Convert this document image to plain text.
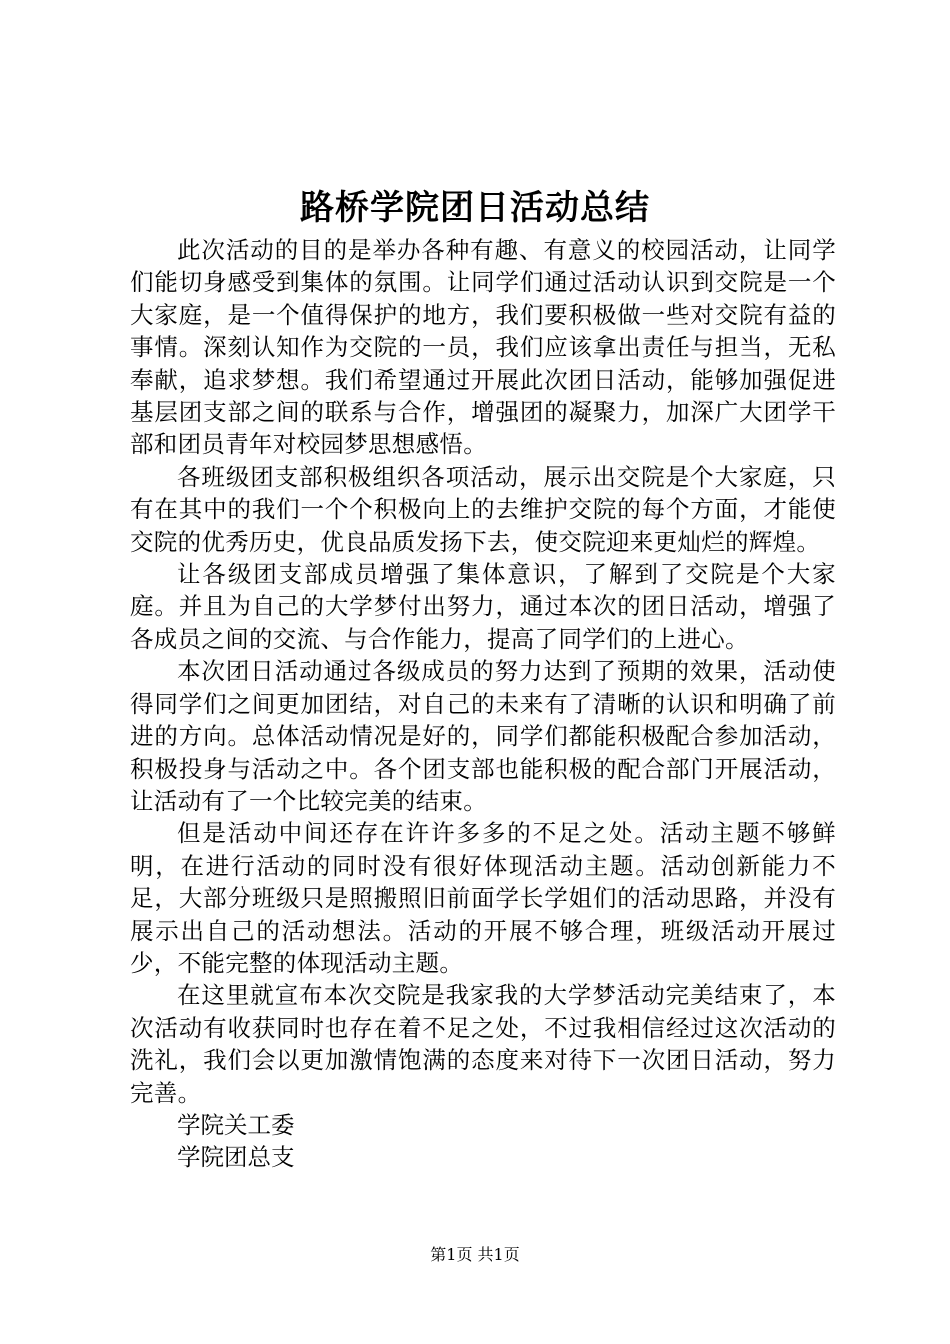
路桥学院团日活动总结

此次活动的目的是举办各种有趣、有意义的校园活动，让同学们能切身感受到集体的氛围。让同学们通过活动认识到交院是一个大家庭，是一个值得保护的地方，我们要积极做一些对交院有益的事情。深刻认知作为交院的一员，我们应该拿出责任与担当，无私奉献，追求梦想。我们希望通过开展此次团日活动，能够加强促进基层团支部之间的联系与合作，增强团的凝聚力，加深广大团学干部和团员青年对校园梦思想感悟。

各班级团支部积极组织各项活动，展示出交院是个大家庭，只有在其中的我们一个个积极向上的去维护交院的每个方面，才能使交院的优秀历史，优良品质发扬下去，使交院迎来更灿烂的辉煌。

让各级团支部成员增强了集体意识，了解到了交院是个大家庭。并且为自己的大学梦付出努力，通过本次的团日活动，增强了各成员之间的交流、与合作能力，提高了同学们的上进心。

本次团日活动通过各级成员的努力达到了预期的效果，活动使得同学们之间更加团结，对自己的未来有了清晰的认识和明确了前进的方向。总体活动情况是好的，同学们都能积极配合参加活动，积极投身与活动之中。各个团支部也能积极的配合部门开展活动，让活动有了一个比较完美的结束。

但是活动中间还存在许许多多的不足之处。活动主题不够鲜明，在进行活动的同时没有很好体现活动主题。活动创新能力不足，大部分班级只是照搬照旧前面学长学姐们的活动思路，并没有展示出自己的活动想法。活动的开展不够合理，班级活动开展过少，不能完整的体现活动主题。

在这里就宣布本次交院是我家我的大学梦活动完美结束了，本次活动有收获同时也存在着不足之处，不过我相信经过这次活动的洗礼，我们会以更加激情饱满的态度来对待下一次团日活动，努力完善。

学院关工委

学院团总支

第1页 共1页
